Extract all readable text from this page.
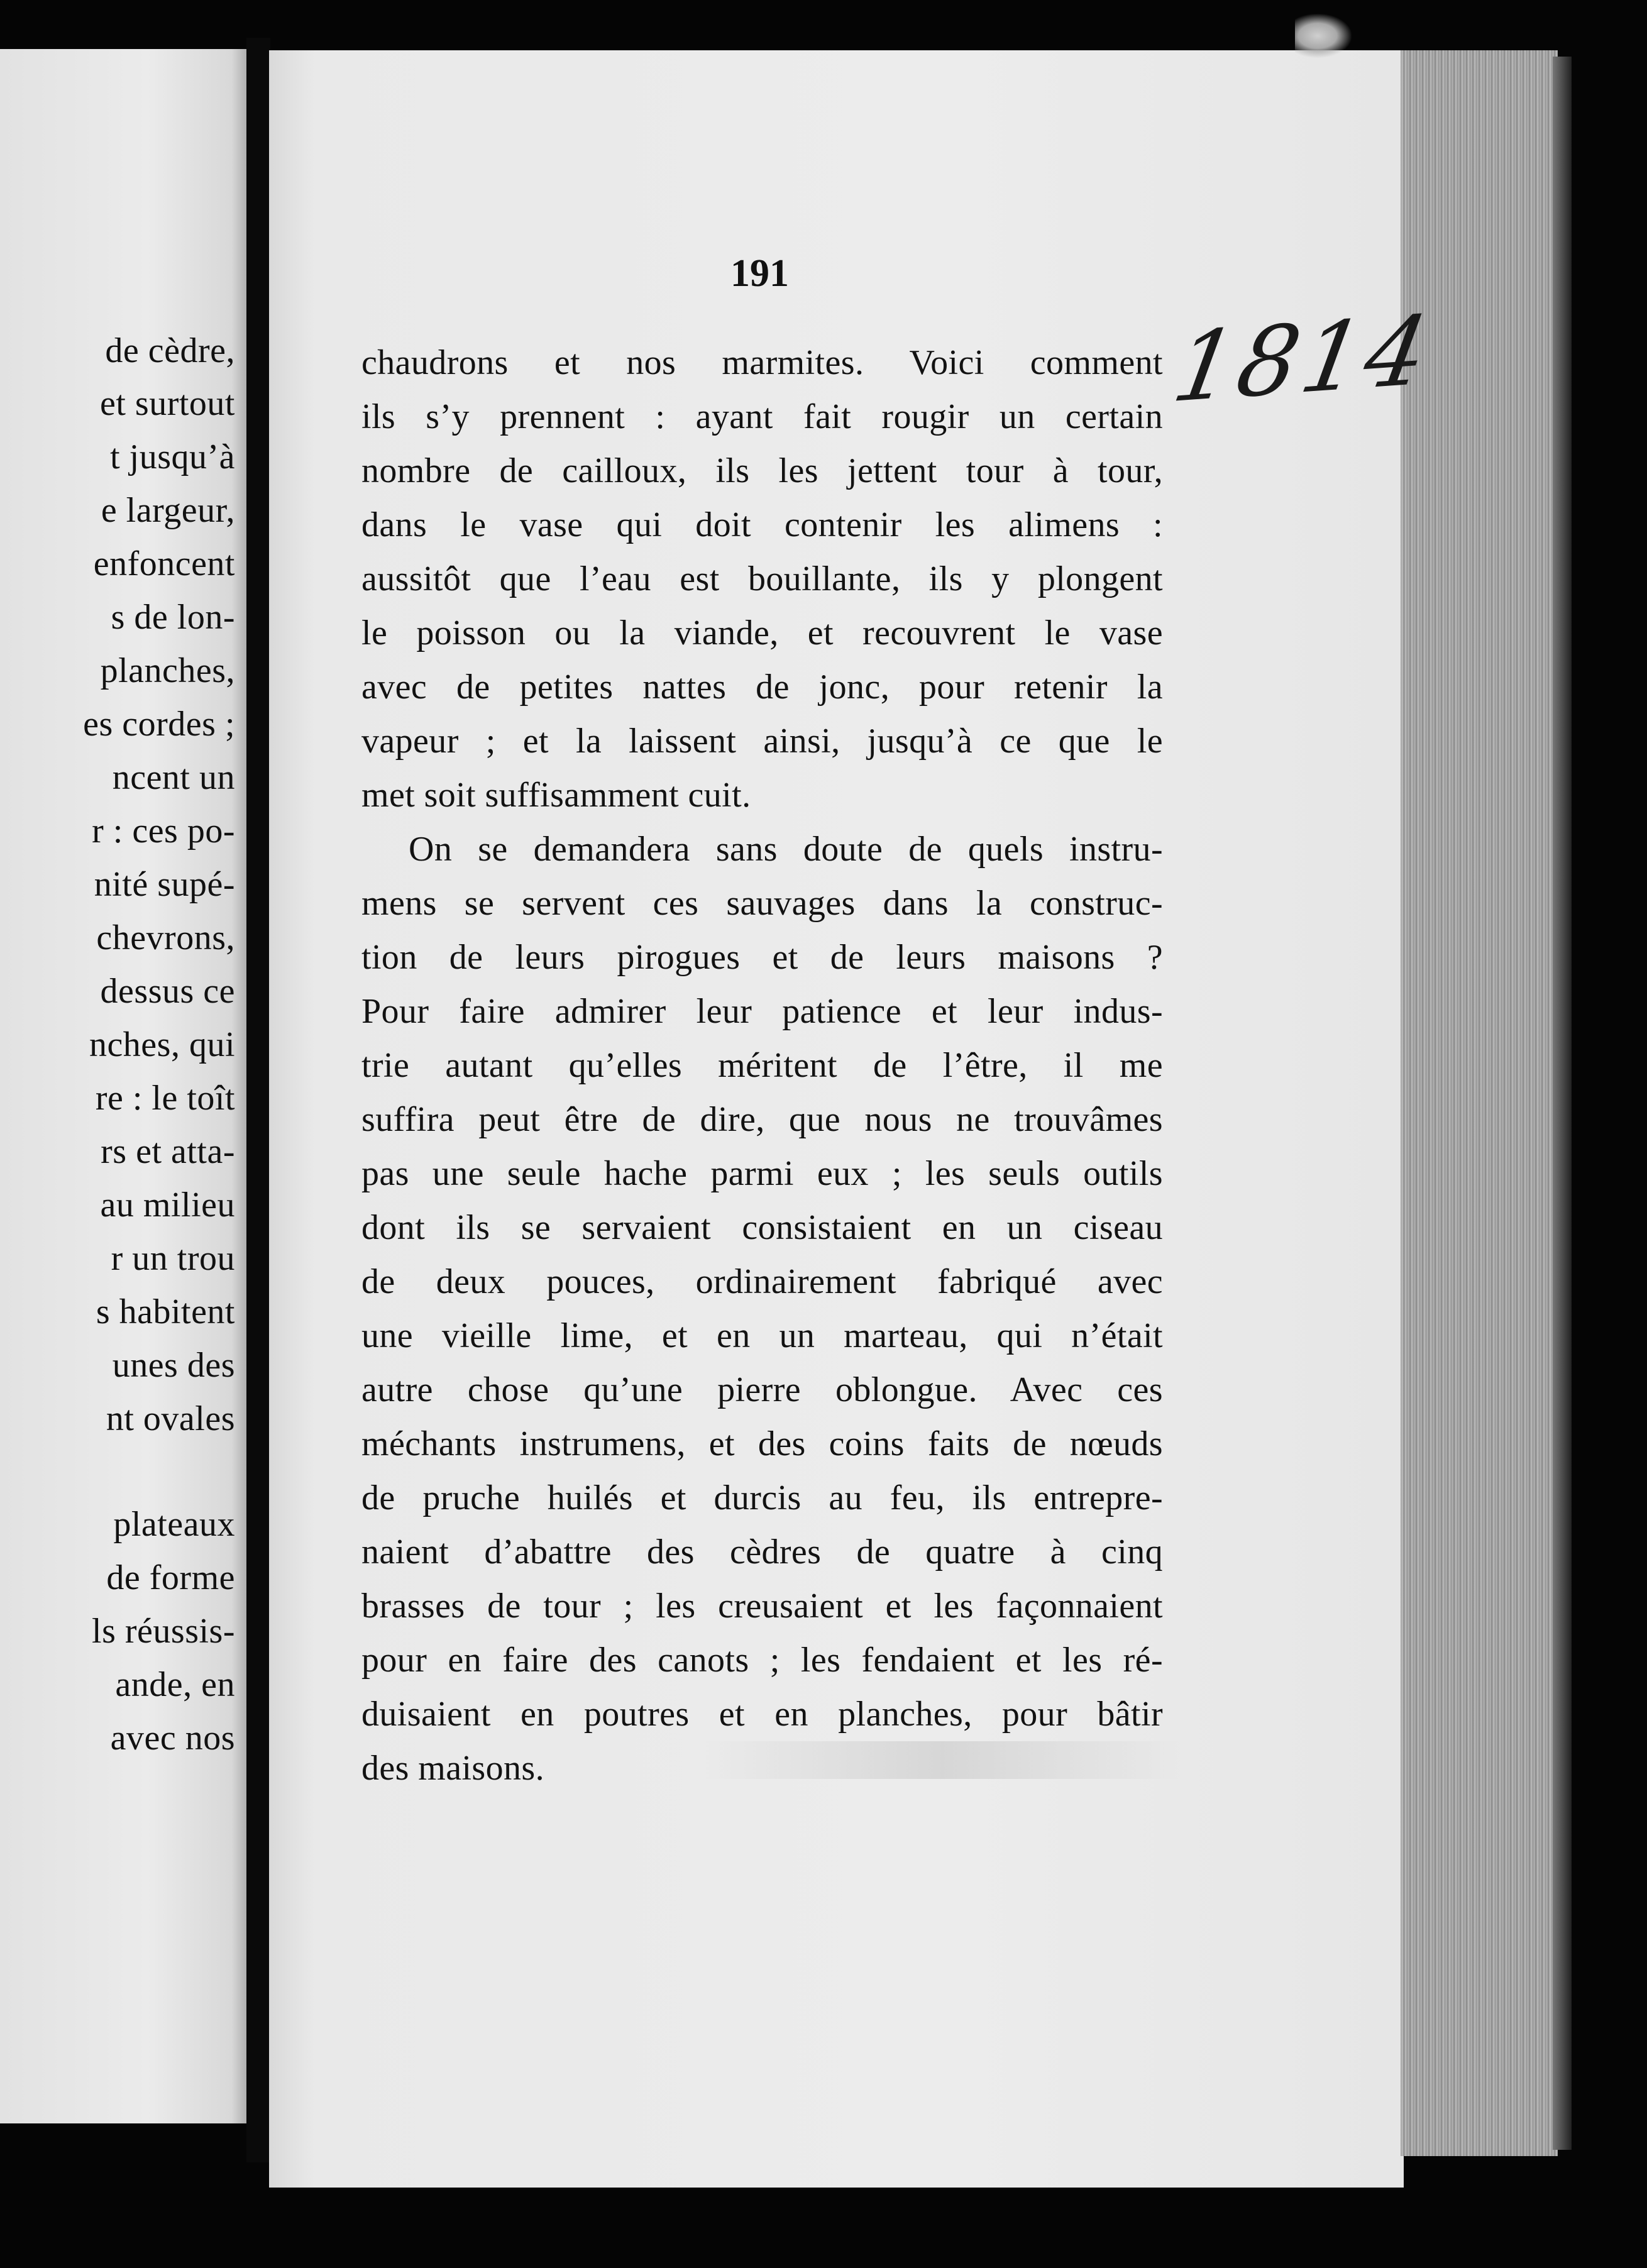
de cèdre,
et surtout
t jusqu’à
e largeur,
enfoncent
s de lon-
planches,
es cordes ;
ncent un
r : ces po-
nité supé-
chevrons,
dessus ce
nches, qui
re : le toît
rs et atta-
au milieu
r un trou
s habitent
unes des
nt ovales
plateaux
de forme
ls réussis-
ande, en
avec nos
191
1814
chaudrons et nos marmites. Voici comment
ils s’y prennent : ayant fait rougir un certain
nombre de cailloux, ils les jettent tour à tour,
dans le vase qui doit contenir les alimens :
aussitôt que l’eau est bouillante, ils y plongent
le poisson ou la viande, et recouvrent le vase
avec de petites nattes de jonc, pour retenir la
vapeur ; et la laissent ainsi, jusqu’à ce que le
met soit suffisamment cuit.
On se demandera sans doute de quels instru-
mens se servent ces sauvages dans la construc-
tion de leurs pirogues et de leurs maisons ?
Pour faire admirer leur patience et leur indus-
trie autant qu’elles méritent de l’être, il me
suffira peut être de dire, que nous ne trouvâmes
pas une seule hache parmi eux ; les seuls outils
dont ils se servaient consistaient en un ciseau
de deux pouces, ordinairement fabriqué avec
une vieille lime, et en un marteau, qui n’était
autre chose qu’une pierre oblongue. Avec ces
méchants instrumens, et des coins faits de nœuds
de pruche huilés et durcis au feu, ils entrepre-
naient d’abattre des cèdres de quatre à cinq
brasses de tour ; les creusaient et les façonnaient
pour en faire des canots ; les fendaient et les ré-
duisaient en poutres et en planches, pour bâtir
des maisons.
